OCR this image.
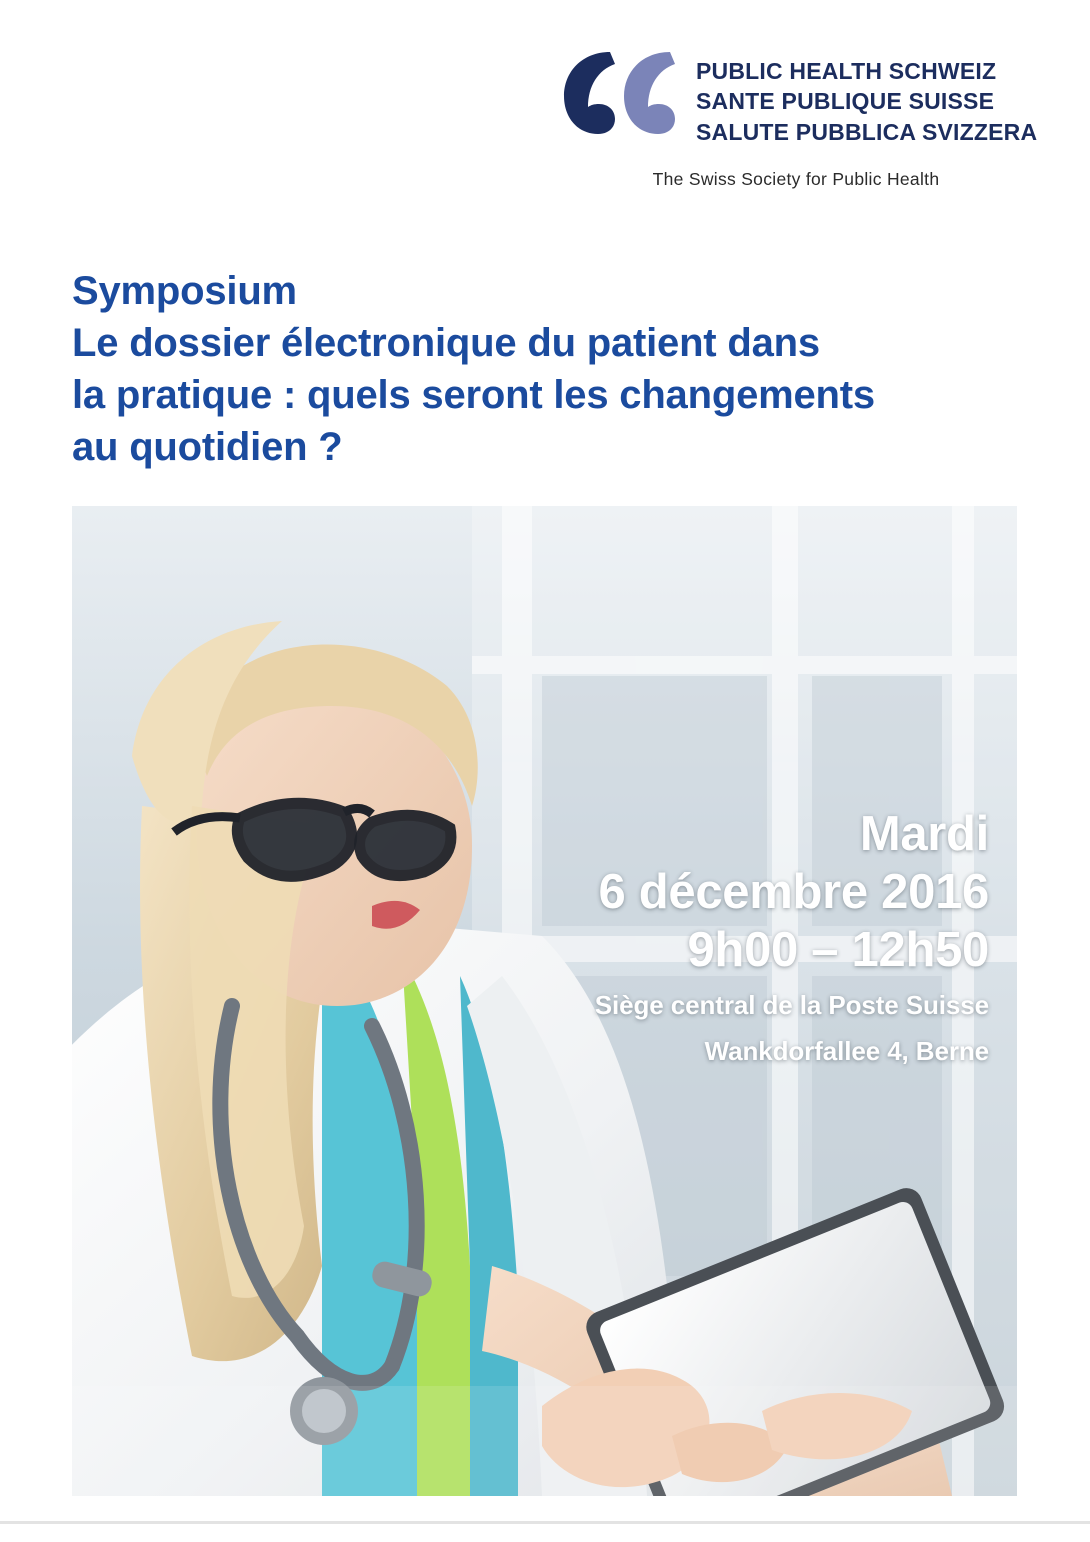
PUBLIC HEALTH SCHWEIZ
SANTE PUBLIQUE SUISSE
SALUTE PUBBLICA SVIZZERA
The Swiss Society for Public Health
Symposium
Le dossier électronique du patient dans
la pratique : quels seront les changements
au quotidien ?
Mardi
6 décembre 2016
9h00 – 12h50
Siège central de la Poste Suisse
Wankdorfallee 4, Berne
